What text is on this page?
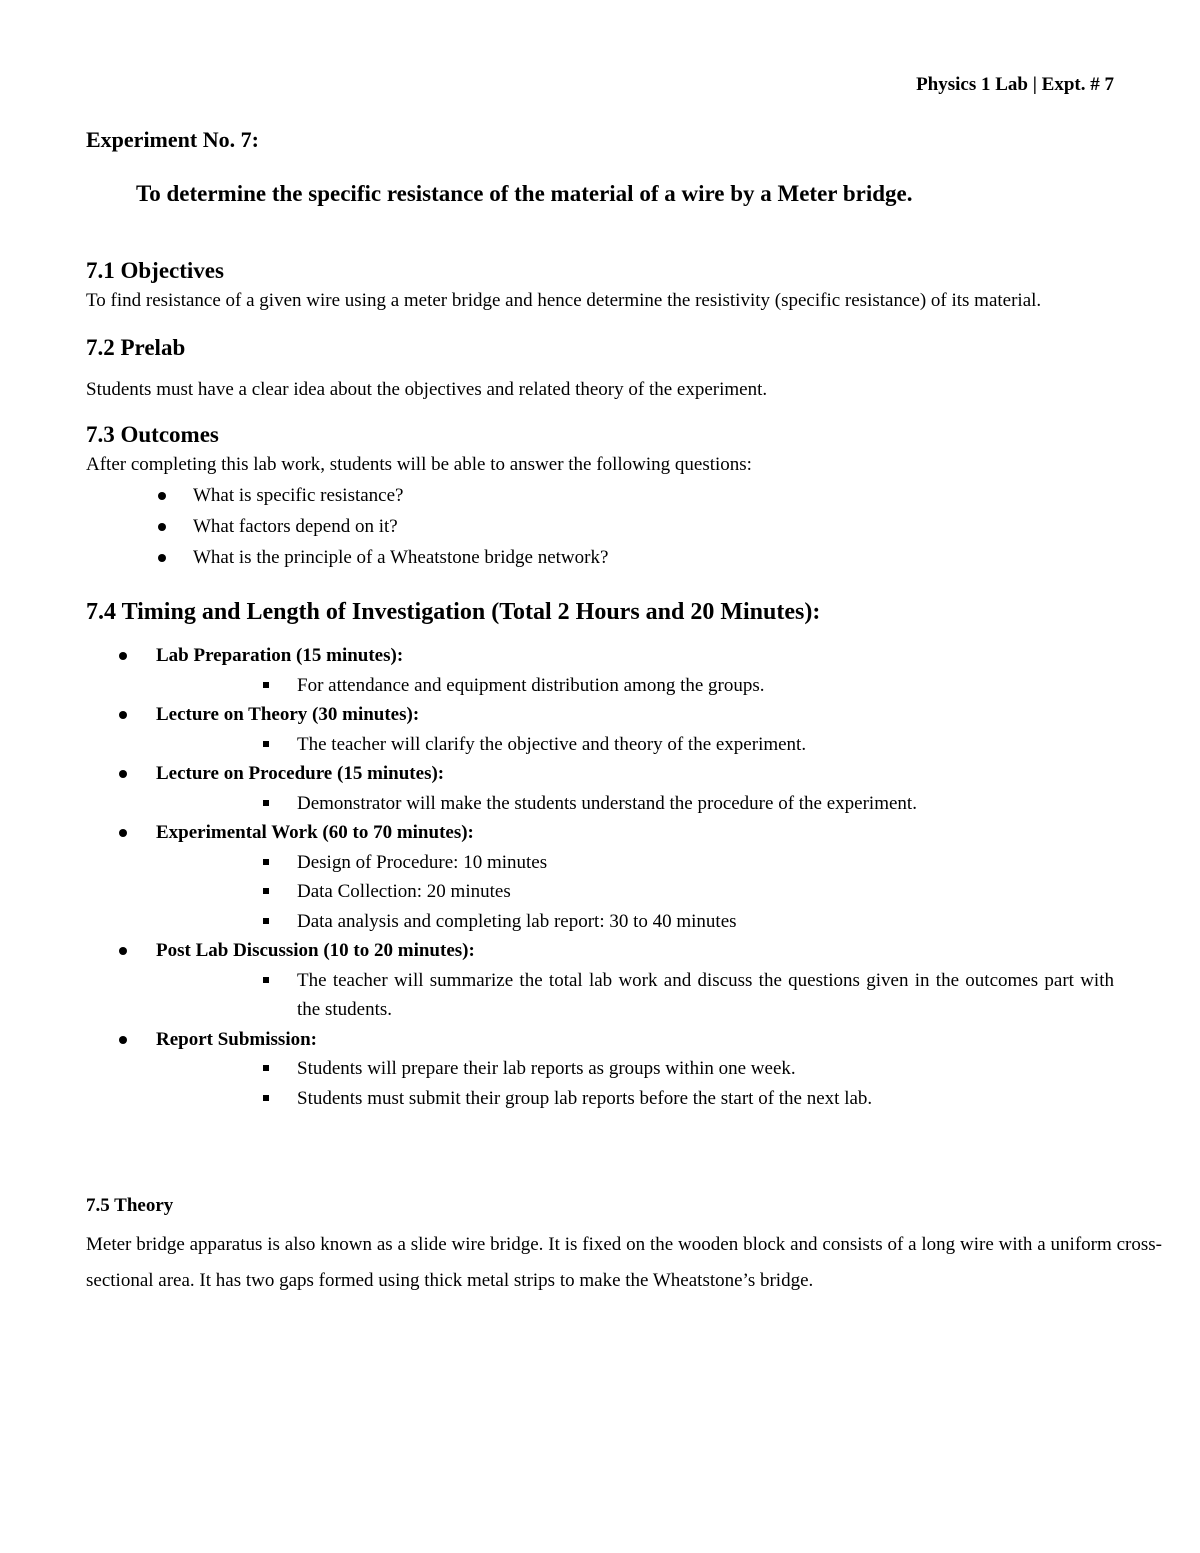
Physics 1 Lab | Expt. # 7
Experiment No. 7:
To determine the specific resistance of the material of a wire by a Meter bridge.
7.1 Objectives

To find resistance of a given wire using a meter bridge and hence determine the resistivity (specific resistance) of its material.

7.2 Prelab

Students must have a clear idea about the objectives and related theory of the experiment.

7.3 Outcomes

After completing this lab work, students will be able to answer the following questions:

What is specific resistance?
What factors depend on it?
What is the principle of a Wheatstone bridge network?
7.4 Timing and Length of Investigation (Total 2 Hours and 20 Minutes):
Lab Preparation (15 minutes):
For attendance and equipment distribution among the groups.
Lecture on Theory (30 minutes):
The teacher will clarify the objective and theory of the experiment.
Lecture on Procedure (15 minutes):
Demonstrator will make the students understand the procedure of the experiment.
Experimental Work (60 to 70 minutes):
Design of Procedure: 10 minutes
Data Collection: 20 minutes
Data analysis and completing lab report: 30 to 40 minutes
Post Lab Discussion (10 to 20 minutes):
The teacher will summarize the total lab work and discuss the questions given in the outcomes part with the students.
Report Submission:
Students will prepare their lab reports as groups within one week.
Students must submit their group lab reports before the start of the next lab.
7.5 Theory

Meter bridge apparatus is also known as a slide wire bridge. It is fixed on the wooden block and consists of a long wire with a uniform cross-sectional area. It has two gaps formed using thick metal strips to make the Wheatstone’s bridge.
